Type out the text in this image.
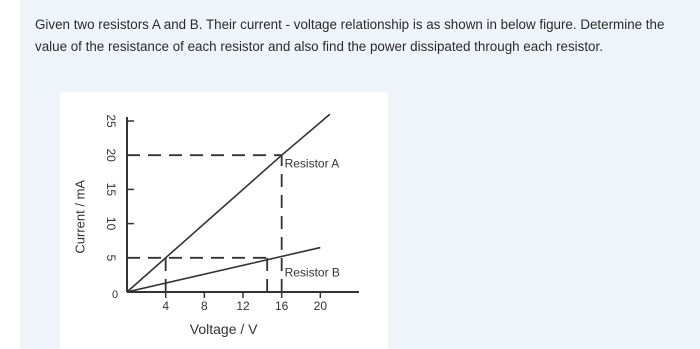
Given two resistors A and B. Their current - voltage relationship is as shown in below figure. Determine the value of the resistance of each resistor and also find the power dissipated through each resistor.

5
10
15
20
25
4	8 12 16 20
0
Resistor A
Resistor B
Voltage / V
Current / mA
